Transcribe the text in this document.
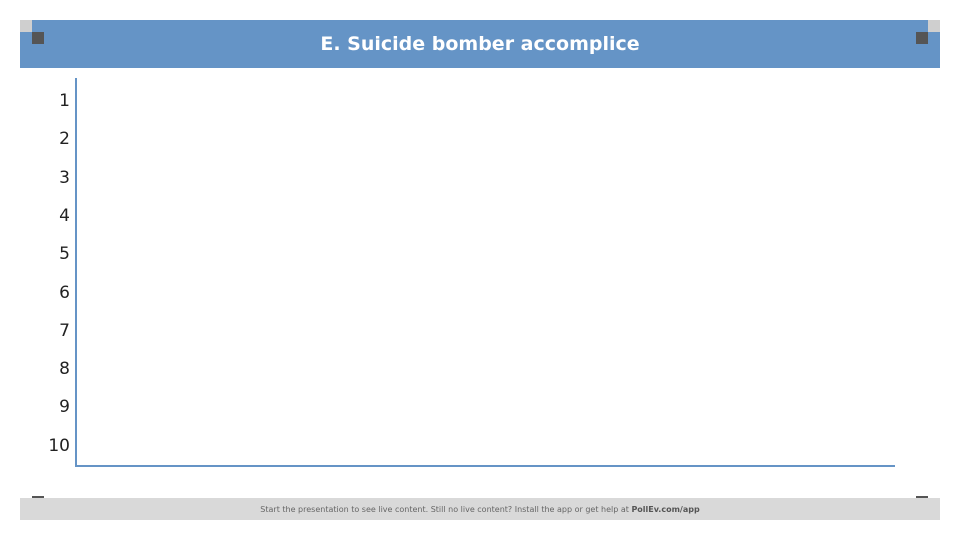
E. Suicide bomber accomplice
1
2
3
4
5
6
7
8
9
10
Start the presentation to see live content. Still no live content? Install the app or get help at PollEv.com/app
